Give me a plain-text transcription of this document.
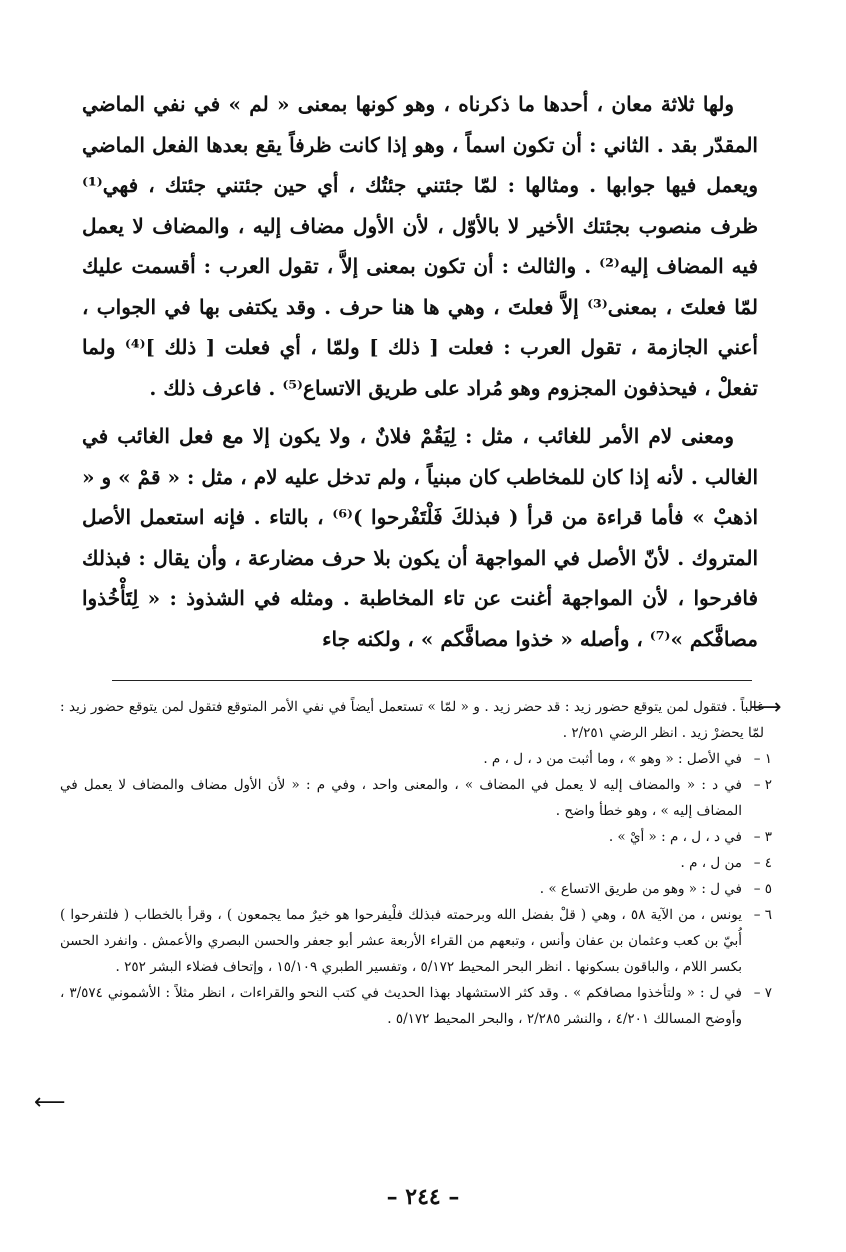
ولها ثلاثة معان ، أحدها ما ذكرناه ، وهو كونها بمعنى « لم » في نفي الماضي المقدّر بقد . الثاني : أن تكون اسماً ، وهو إذا كانت ظرفاً يقع بعدها الفعل الماضي ويعمل فيها جوابها . ومثالها : لمّا جئتني جئتُك ، أي حين جئتني جئتك ، فهي⁽¹⁾ ظرف منصوب بجئتك الأخير لا بالأوّل ، لأن الأول مضاف إليه ، والمضاف لا يعمل فيه المضاف إليه⁽²⁾ . والثالث : أن تكون بمعنى إلاَّ ، تقول العرب : أقسمت عليك لمّا فعلتَ ، بمعنى⁽³⁾ إلاَّ فعلتَ ، وهي ها هنا حرف . وقد يكتفى بها في الجواب ، أعني الجازمة ، تقول العرب : فعلت [ ذلك ] ولمّا ، أي فعلت [ ذلك ]⁽⁴⁾ ولما تفعلْ ، فيحذفون المجزوم وهو مُراد على طريق الاتساع⁽⁵⁾ . فاعرف ذلك .

ومعنى لام الأمر للغائب ، مثل : لِيَقُمْ فلانٌ ، ولا يكون إلا مع فعل الغائب في الغالب . لأنه إذا كان للمخاطب كان مبنياً ، ولم تدخل عليه لام ، مثل : « قمْ » و « اذهبْ » فأما قراءة من قرأ ( فبذلكَ فَلْتَفْرحوا )⁽⁶⁾ ، بالتاء . فإنه استعمل الأصل المتروك . لأنّ الأصل في المواجهة أن يكون بلا حرف مضارعة ، وأن يقال : فبذلك فافرحوا ، لأن المواجهة أغنت عن تاء المخاطبة . ومثله في الشذوذ : « لِتَأْخُذوا مصافَّكم »⁽⁷⁾ ، وأصله « خذوا مصافَّكم » ، ولكنه جاء

⟶
غالباً . فتقول لمن يتوقع حضور زيد : قد حضر زيد . و « لمّا » تستعمل أيضاً في نفي الأمر المتوقع فتقول لمن يتوقع حضور زيد : لمّا يحضرْ زيد . انظر الرضي ٢/٢٥١ .
١ –
في الأصل : « وهو » ، وما أثبت من د ، ل ، م .
٢ –
في د : « والمضاف إليه لا يعمل في المضاف » ، والمعنى واحد ، وفي م : « لأن الأول مضاف والمضاف لا يعمل في المضاف إليه » ، وهو خطأ واضح .
٣ –
في د ، ل ، م : « أيْ » .
٤ –
من ل ، م .
٥ –
في ل : « وهو من طريق الاتساع » .
٦ –
يونس ، من الآية ٥٨ ، وهي ( قلْ بفضل الله وبرحمته فبذلك فلْيفرحوا هو خيرٌ مما يجمعون ) ، وقرأ بالخطاب ( فلتفرحوا ) أُبيّ بن كعب وعثمان بن عفان وأنس ، وتبعهم من القراء الأربعة عشر أبو جعفر والحسن البصري والأعمش . وانفرد الحسن بكسر اللام ، والباقون بسكونها . انظر البحر المحيط ٥/١٧٢ ، وتفسير الطبري ١٥/١٠٩ ، وإتحاف فضلاء البشر ٢٥٢ .
٧ –
في ل : « ولتأخذوا مصافكم » . وقد كثر الاستشهاد بهذا الحديث في كتب النحو والقراءات ، انظر مثلاً : الأشموني ٣/٥٧٤ ، وأوضح المسالك ٤/٢٠١ ، والنشر ٢/٢٨٥ ، والبحر المحيط ٥/١٧٢ .
⟵
– ٢٤٤ –
